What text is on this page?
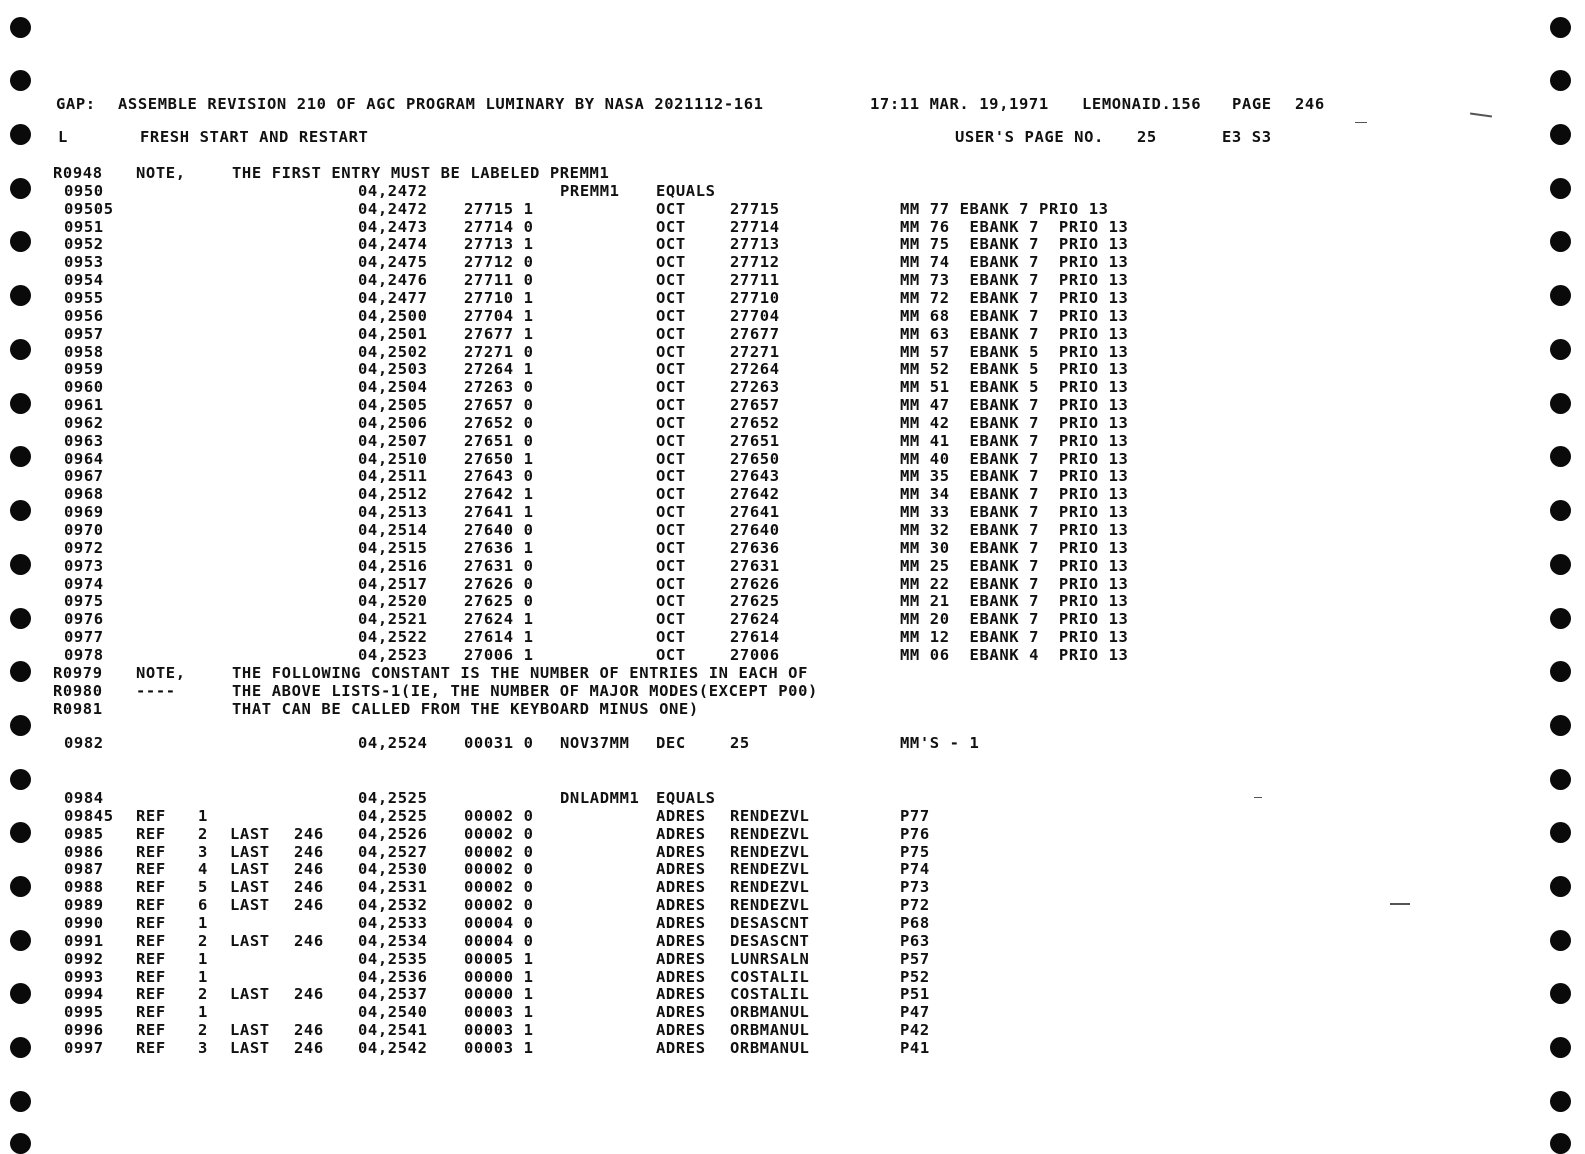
GAP:

ASSEMBLE REVISION 210 OF AGC PROGRAM LUMINARY BY NASA 2021112-161

	17:11 MAR. 19,1971

LEMONAID.156

PAGE

246

L

	FRESH START AND RESTART

	USER'S PAGE NO.

25

	E3 S3

R0948 NOTE,	THE FIRST ENTRY MUST BE LABELED PREMM1
0950	04,2472	PREMM1 EQUALS
09505	04,2472 27715 1	OCT	27715	MM 77 EBANK 7 PRIO 13
0951	04,2473 27714 0	OCT	27714	MM 76  EBANK 7  PRIO 13
0952	04,2474 27713 1	OCT	27713	MM 75  EBANK 7  PRIO 13
0953	04,2475 27712 0	OCT	27712	MM 74  EBANK 7  PRIO 13
0954	04,2476 27711 0	OCT	27711	MM 73  EBANK 7  PRIO 13
0955	04,2477 27710 1	OCT	27710	MM 72  EBANK 7  PRIO 13
0956	04,2500 27704 1	OCT	27704	MM 68  EBANK 7  PRIO 13
0957	04,2501 27677 1	OCT	27677	MM 63  EBANK 7  PRIO 13
0958	04,2502 27271 0	OCT	27271	MM 57  EBANK 5  PRIO 13
0959	04,2503 27264 1	OCT	27264	MM 52  EBANK 5  PRIO 13
0960	04,2504 27263 0	OCT	27263	MM 51  EBANK 5  PRIO 13
0961	04,2505 27657 0	OCT	27657	MM 47  EBANK 7  PRIO 13
0962	04,2506 27652 0	OCT	27652	MM 42  EBANK 7  PRIO 13
0963	04,2507 27651 0	OCT	27651	MM 41  EBANK 7  PRIO 13
0964	04,2510 27650 1	OCT	27650	MM 40  EBANK 7  PRIO 13
0967	04,2511 27643 0	OCT	27643	MM 35  EBANK 7  PRIO 13
0968	04,2512 27642 1	OCT	27642	MM 34  EBANK 7  PRIO 13
0969	04,2513 27641 1	OCT	27641	MM 33  EBANK 7  PRIO 13
0970	04,2514 27640 0	OCT	27640	MM 32  EBANK 7  PRIO 13
0972	04,2515 27636 1	OCT	27636	MM 30  EBANK 7  PRIO 13
0973	04,2516 27631 0	OCT	27631	MM 25  EBANK 7  PRIO 13
0974	04,2517 27626 0	OCT	27626	MM 22  EBANK 7  PRIO 13
0975	04,2520 27625 0	OCT	27625	MM 21  EBANK 7  PRIO 13
0976	04,2521 27624 1	OCT	27624	MM 20  EBANK 7  PRIO 13
0977	04,2522 27614 1	OCT	27614	MM 12  EBANK 7  PRIO 13
0978	04,2523 27006 1	OCT	27006	MM 06  EBANK 4  PRIO 13
R0979 NOTE,	THE FOLLOWING CONSTANT IS THE NUMBER OF ENTRIES IN EACH OF
R0980 ----	THE ABOVE LISTS-1(IE, THE NUMBER OF MAJOR MODES(EXCEPT P00)
R0981	THAT CAN BE CALLED FROM THE KEYBOARD MINUS ONE)
0982	04,2524 00031 0 NOV37MM DEC	25	MM'S - 1
0984	04,2525	DNLADMM1 EQUALS
09845 REF 1	04,2525 00002 0	ADRES RENDEZVL	P77
0985 REF 2 LAST 246 04,2526 00002 0	ADRES RENDEZVL	P76
0986 REF 3 LAST 246 04,2527 00002 0	ADRES RENDEZVL	P75
0987 REF 4 LAST 246 04,2530 00002 0	ADRES RENDEZVL	P74
0988 REF 5 LAST 246 04,2531 00002 0	ADRES RENDEZVL	P73
0989 REF 6 LAST 246 04,2532 00002 0	ADRES RENDEZVL	P72
0990 REF 1	04,2533 00004 0	ADRES DESASCNT	P68
0991 REF 2 LAST 246 04,2534 00004 0	ADRES DESASCNT	P63
0992 REF 1	04,2535 00005 1	ADRES LUNRSALN	P57
0993 REF 1	04,2536 00000 1	ADRES COSTALIL	P52
0994 REF 2 LAST 246 04,2537 00000 1	ADRES COSTALIL	P51
0995 REF 1	04,2540 00003 1	ADRES ORBMANUL	P47
0996 REF 2 LAST 246 04,2541 00003 1	ADRES ORBMANUL	P42
0997 REF 3 LAST 246 04,2542 00003 1	ADRES ORBMANUL	P41
